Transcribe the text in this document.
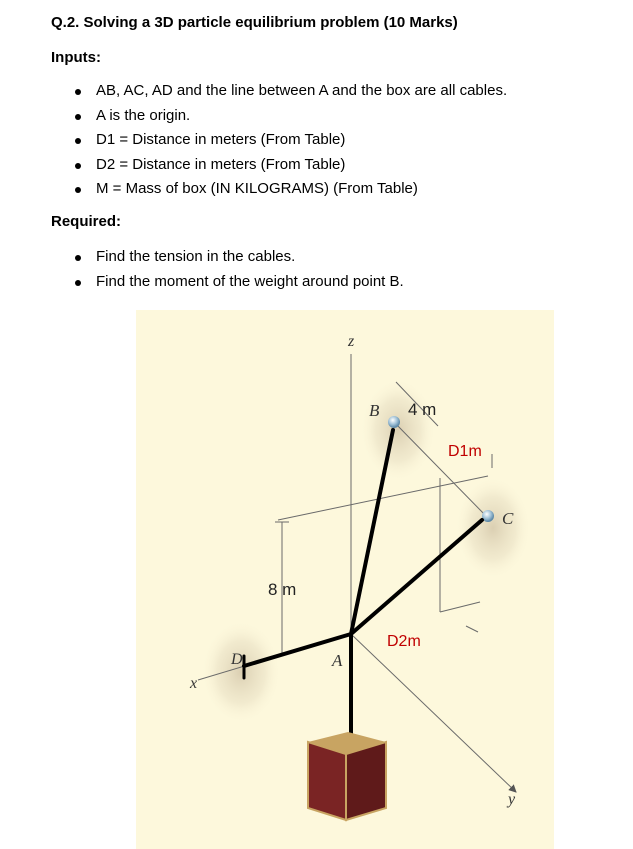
Q.2. Solving a 3D particle equilibrium problem (10 Marks)
Inputs:
AB, AC, AD and the line between A and the box are all cables.
A is the origin.
D1 = Distance in meters (From Table)
D2 = Distance in meters (From Table)
M = Mass of box (IN KILOGRAMS) (From Table)
Required:
Find the tension in the cables.
Find the moment of the weight around point B.
z
x
y
A
B
C
D
8 m
4 m
D1m
D2m
